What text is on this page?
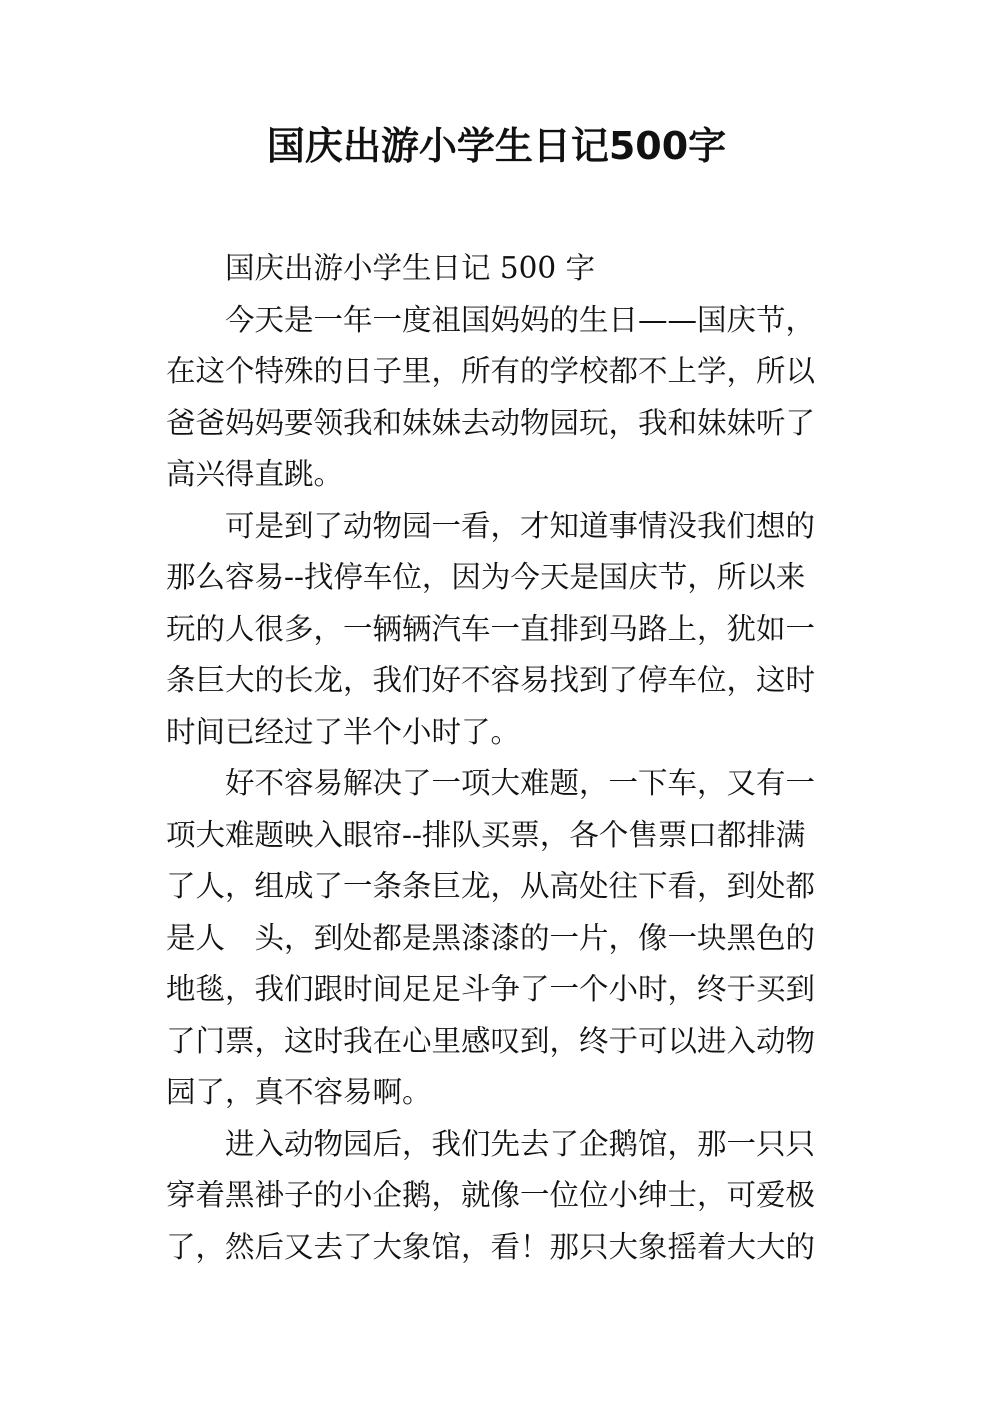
国庆出游小学生日记500字
国庆出游小学生日记 500 字
今天是一年一度祖国妈妈的生日——国庆节，
在这个特殊的日子里，所有的学校都不上学，所以
爸爸妈妈要领我和妹妹去动物园玩，我和妹妹听了
高兴得直跳。
可是到了动物园一看，才知道事情没我们想的
那么容易--找停车位，因为今天是国庆节，所以来
玩的人很多，一辆辆汽车一直排到马路上，犹如一
条巨大的长龙，我们好不容易找到了停车位，这时
时间已经过了半个小时了。
好不容易解决了一项大难题，一下车，又有一
项大难题映入眼帘--排队买票，各个售票口都排满
了人，组成了一条条巨龙，从高处往下看，到处都
是人　头，到处都是黑漆漆的一片，像一块黑色的
地毯，我们跟时间足足斗争了一个小时，终于买到
了门票，这时我在心里感叹到，终于可以进入动物
园了，真不容易啊。
进入动物园后，我们先去了企鹅馆，那一只只
穿着黑褂子的小企鹅，就像一位位小绅士，可爱极
了，然后又去了大象馆，看！那只大象摇着大大的
